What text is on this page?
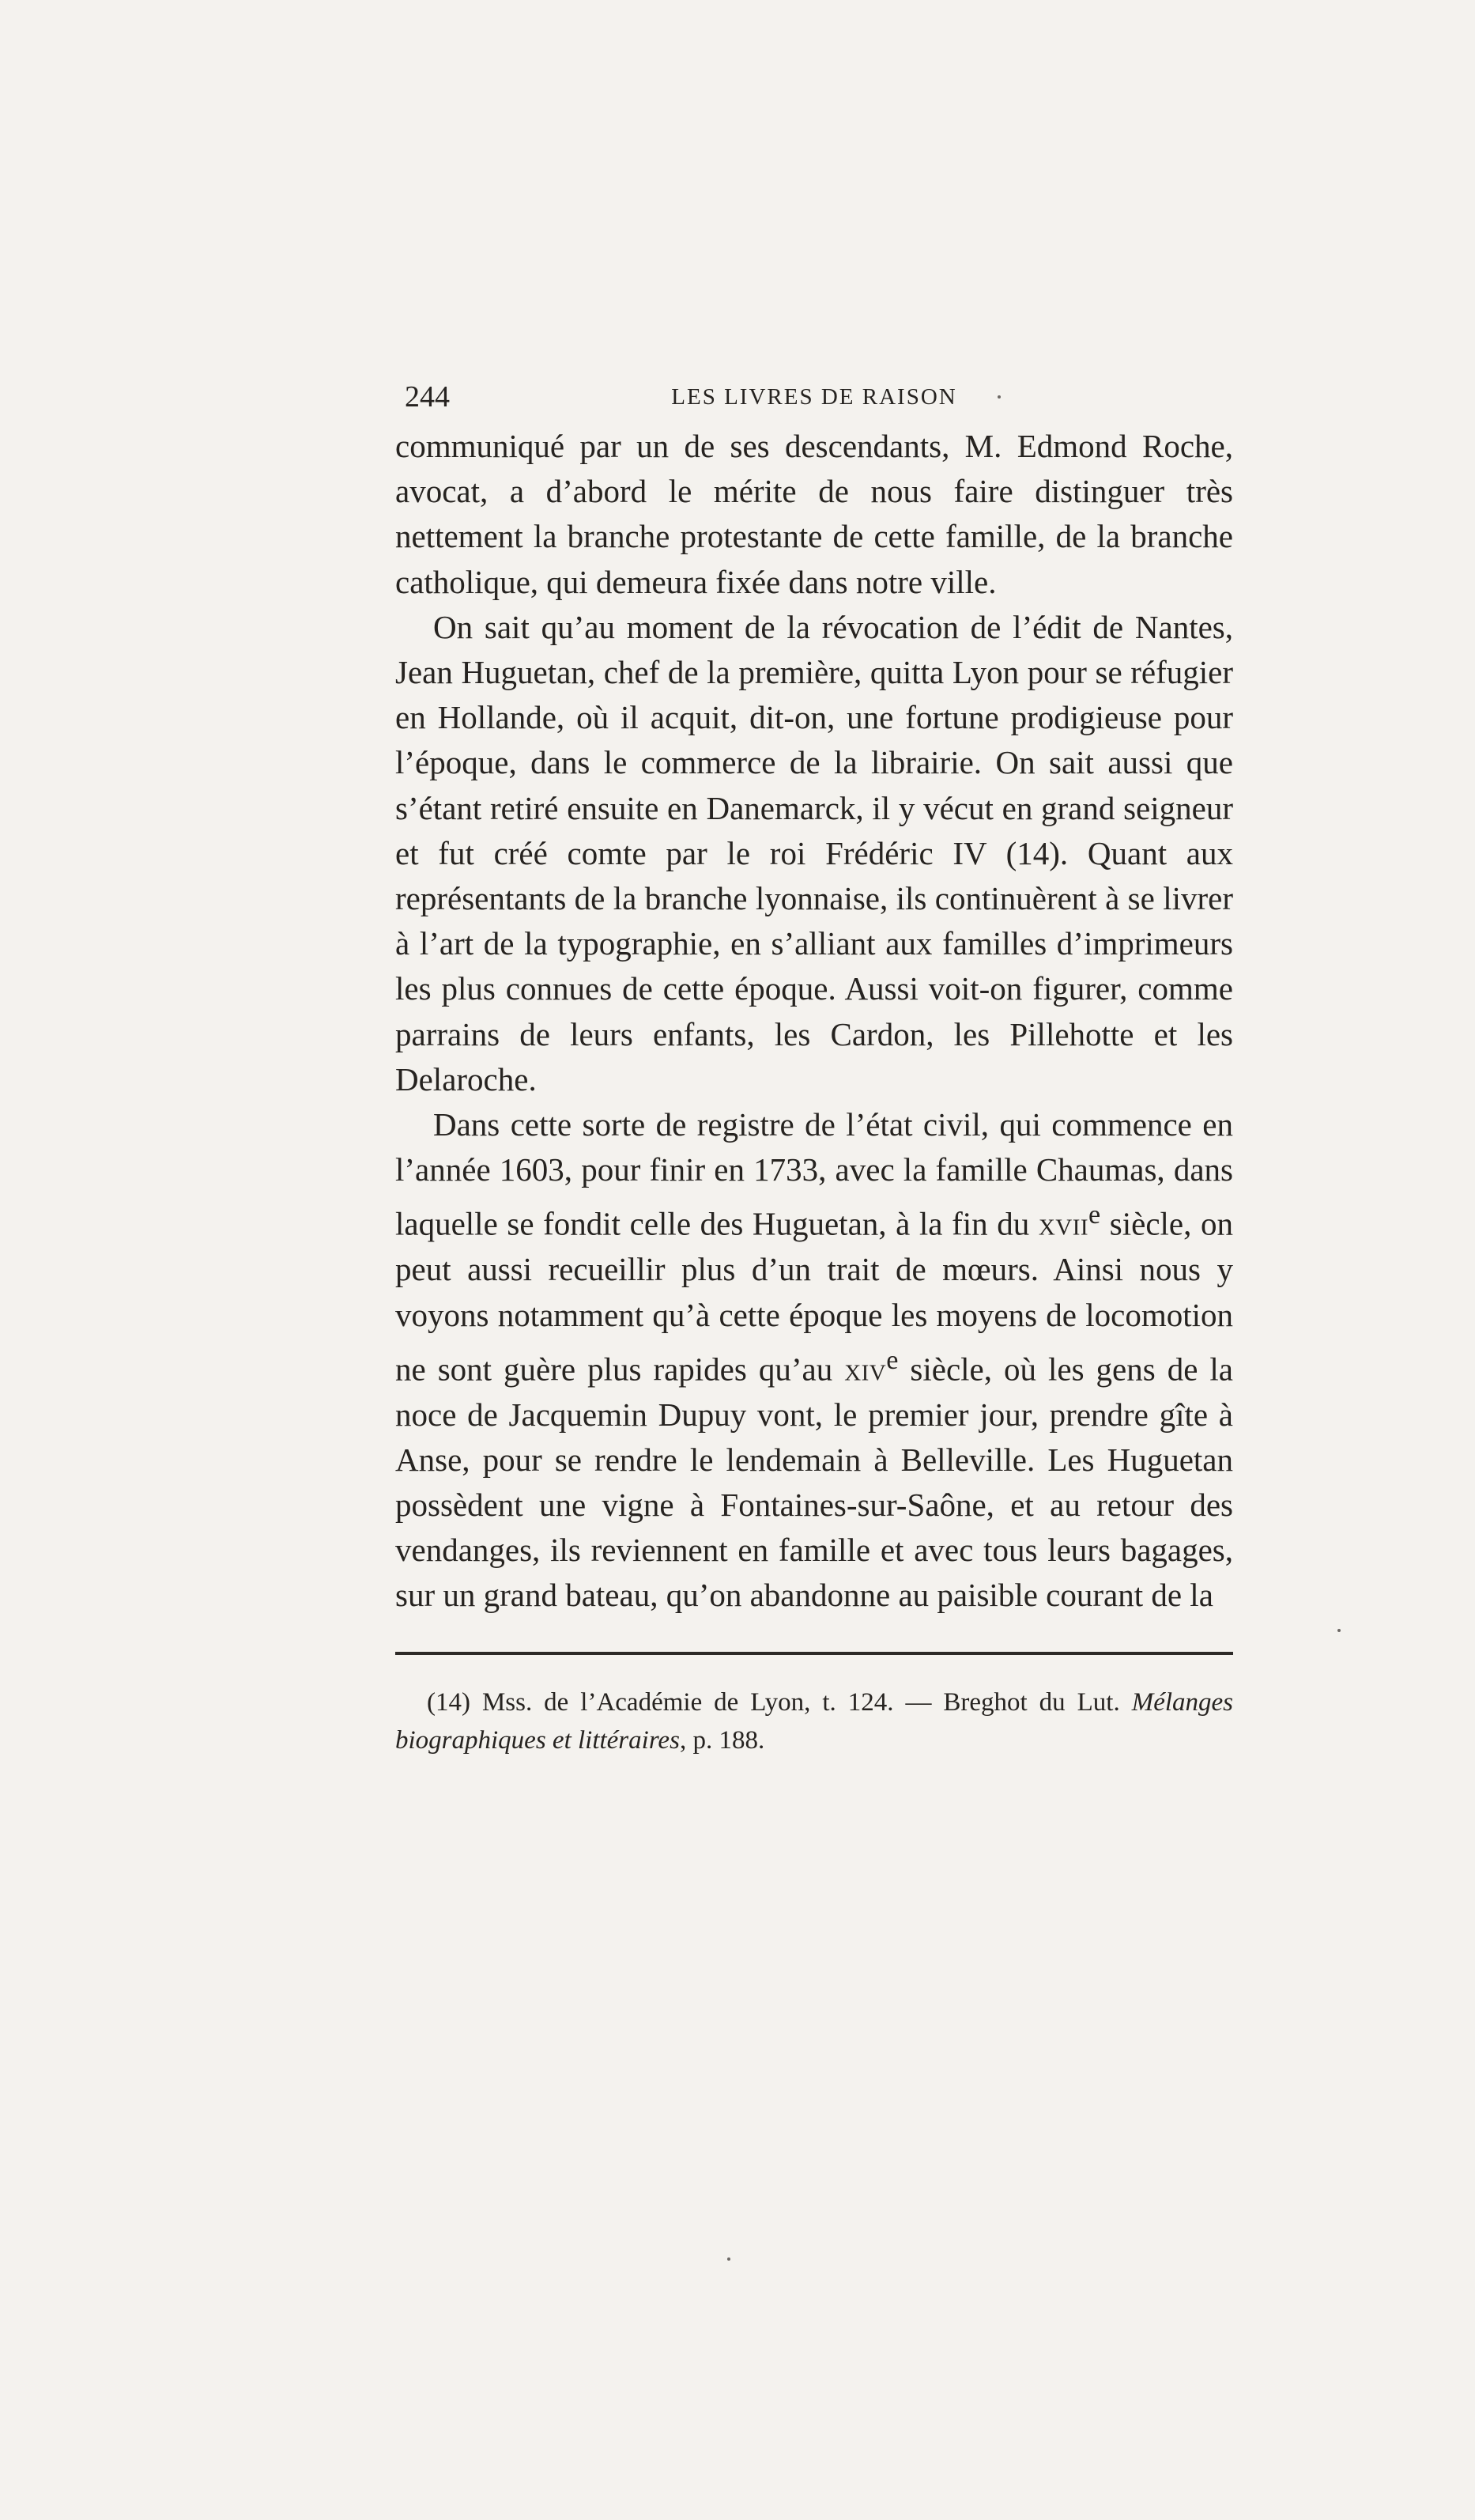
244	LES LIVRES DE RAISON

communiqué par un de ses descendants, M. Edmond Roche, avocat, a d’abord le mérite de nous faire distinguer très nettement la branche protestante de cette famille, de la branche catholique, qui demeura fixée dans notre ville.

On sait qu’au moment de la révocation de l’édit de Nantes, Jean Huguetan, chef de la première, quitta Lyon pour se réfugier en Hollande, où il acquit, dit-on, une fortune prodigieuse pour l’époque, dans le commerce de la librairie. On sait aussi que s’étant retiré ensuite en Danemarck, il y vécut en grand seigneur et fut créé comte par le roi Frédéric IV (14). Quant aux représentants de la branche lyonnaise, ils continuèrent à se livrer à l’art de la typographie, en s’alliant aux familles d’imprimeurs les plus connues de cette époque. Aussi voit-on figurer, comme parrains de leurs enfants, les Cardon, les Pillehotte et les Delaroche.

Dans cette sorte de registre de l’état civil, qui commence en l’année 1603, pour finir en 1733, avec la famille Chaumas, dans laquelle se fondit celle des Huguetan, à la fin du xvii$^e$ siècle, on peut aussi recueillir plus d’un trait de mœurs. Ainsi nous y voyons notamment qu’à cette époque les moyens de locomotion ne sont guère plus rapides qu’au xiv$^e$ siècle, où les gens de la noce de Jacquemin Dupuy vont, le premier jour, prendre gîte à Anse, pour se rendre le lendemain à Belleville. Les Huguetan possèdent une vigne à Fontaines-sur-Saône, et au retour des vendanges, ils reviennent en famille et avec tous leurs bagages, sur un grand bateau, qu’on abandonne au paisible courant de la

(14) Mss. de l’Académie de Lyon, t. 124. — Breghot du Lut. Mélanges biographiques et littéraires, p. 188.
